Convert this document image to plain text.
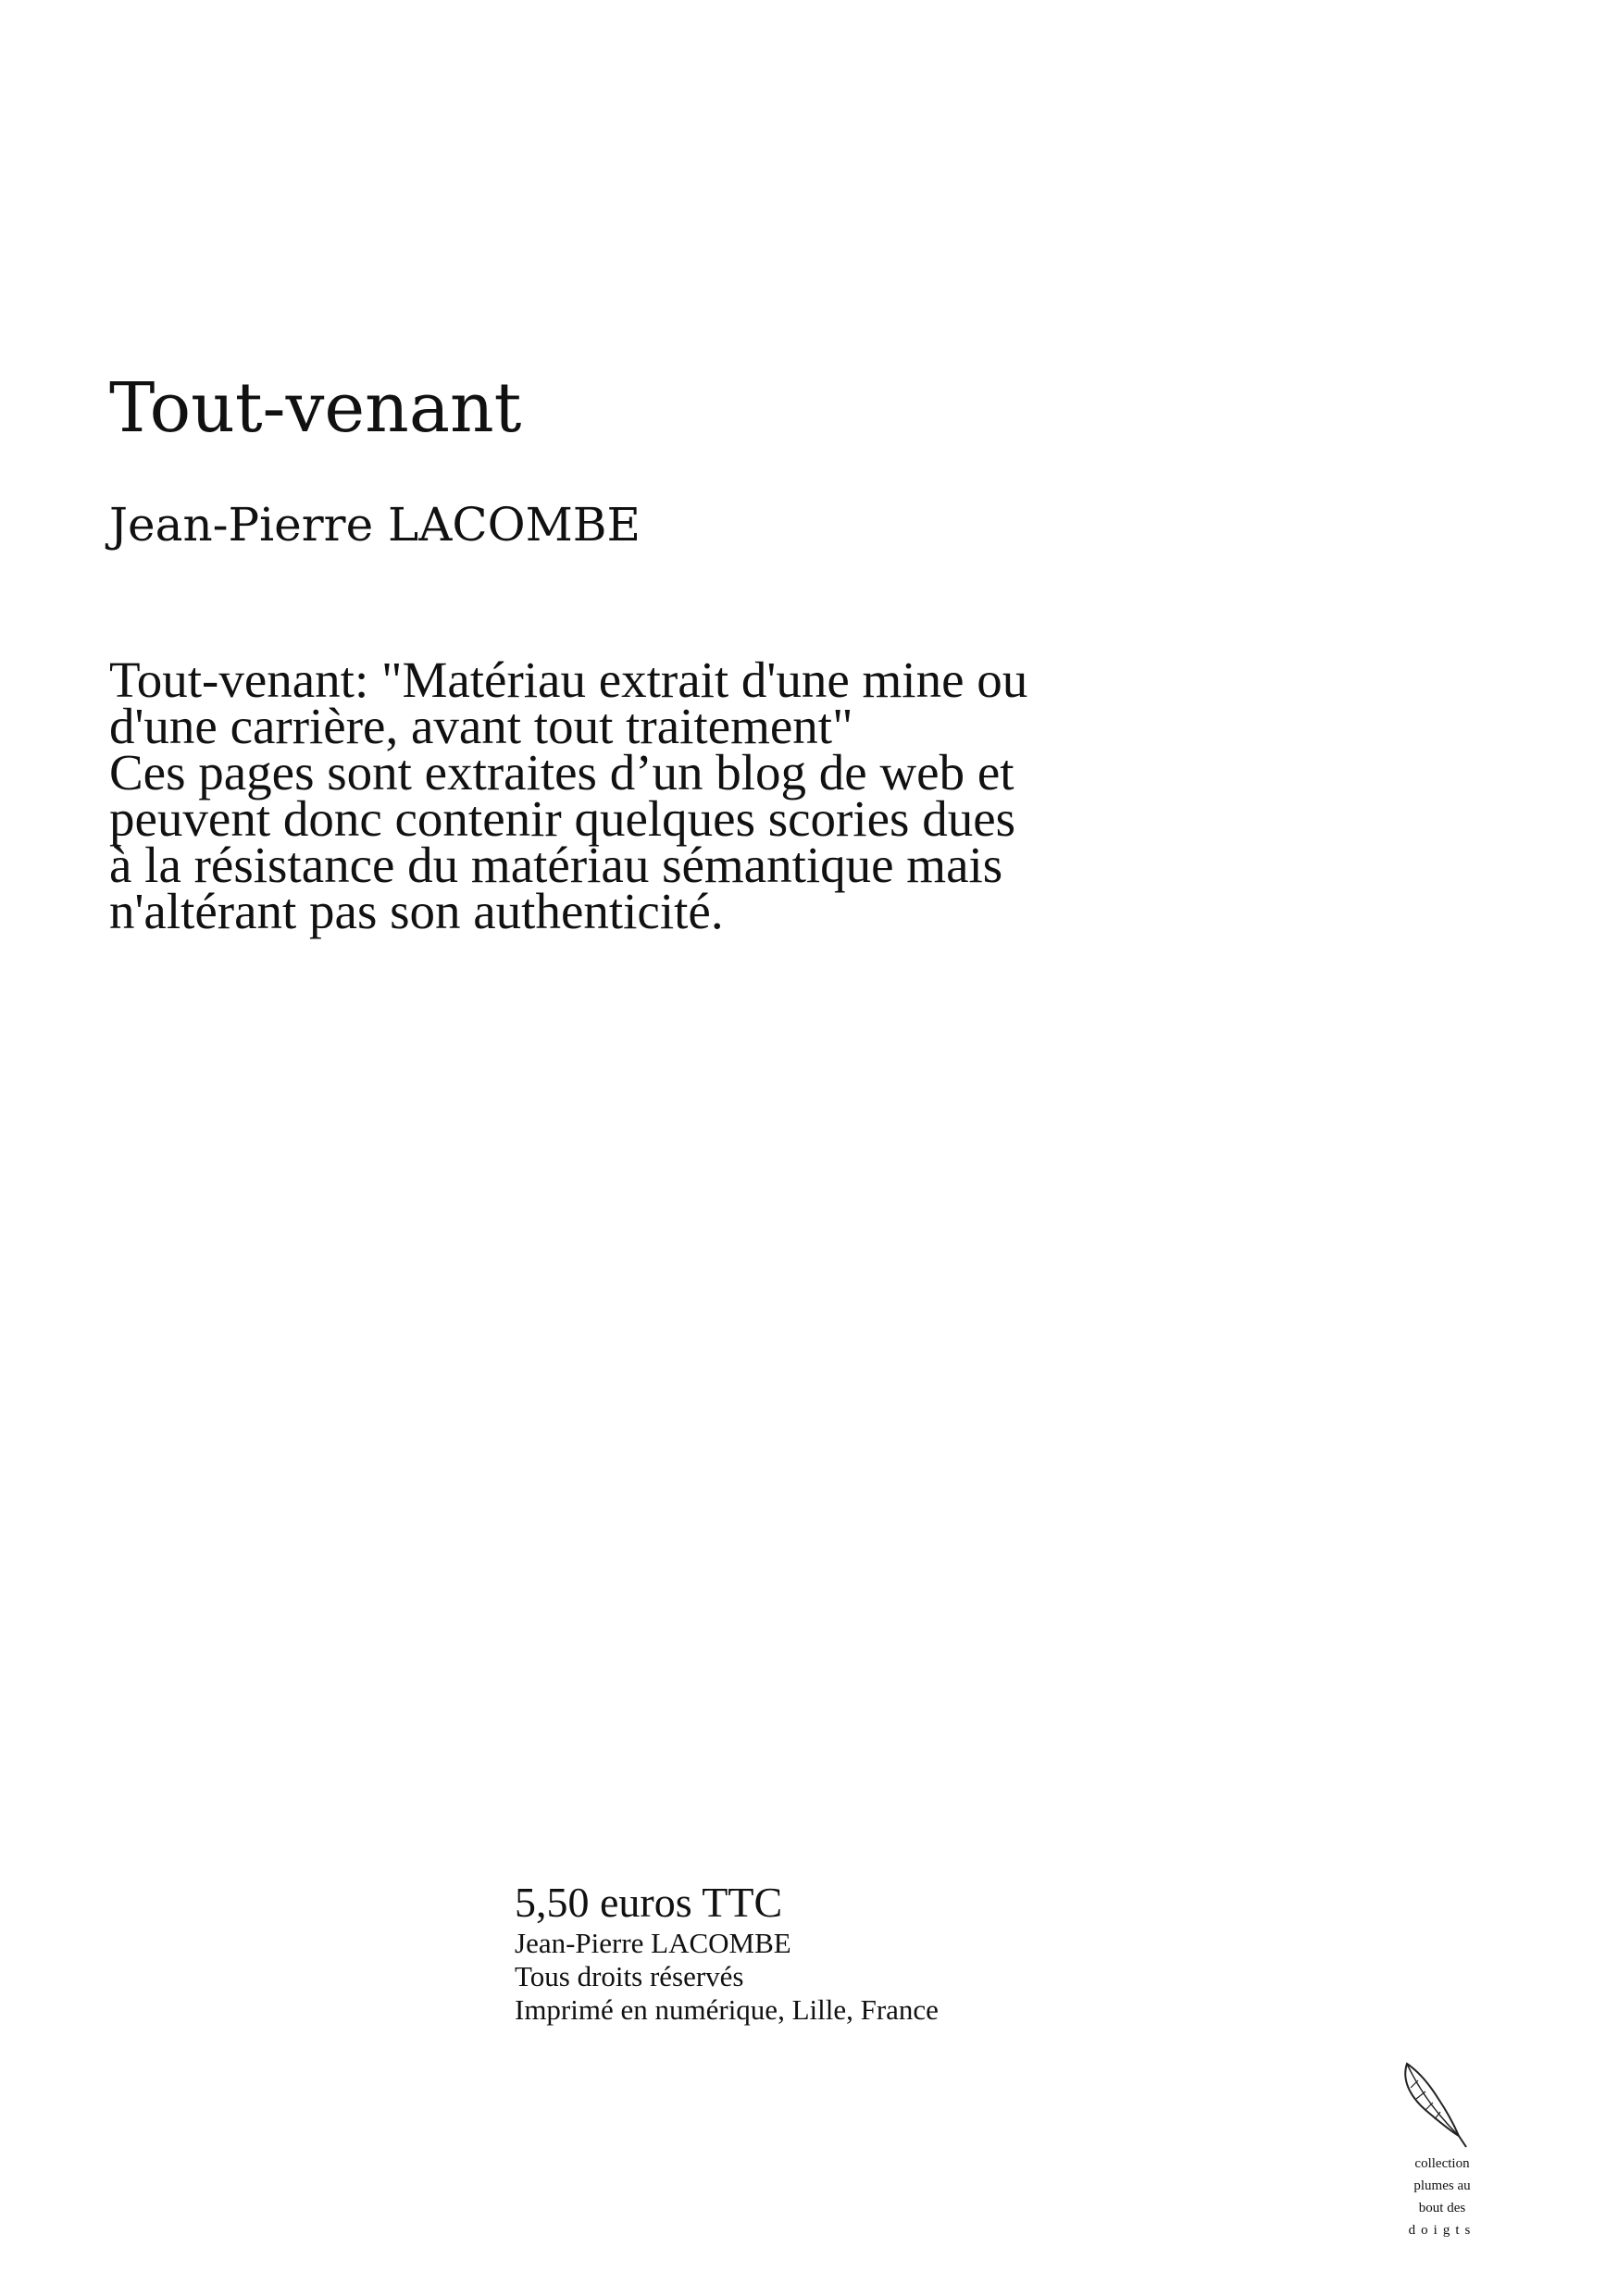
Tout-venant
Jean-Pierre LACOMBE
Tout-venant: "Matériau extrait d'une mine ou
d'une carrière, avant tout traitement"
Ces pages sont extraites d’un blog de web et
peuvent donc contenir quelques scories dues
à la résistance du matériau sémantique mais
n'altérant pas son authenticité.
5,50 euros TTC
Jean-Pierre LACOMBE
Tous droits réservés
Imprimé en numérique, Lille, France
collection
plumes au
bout des
doigts
